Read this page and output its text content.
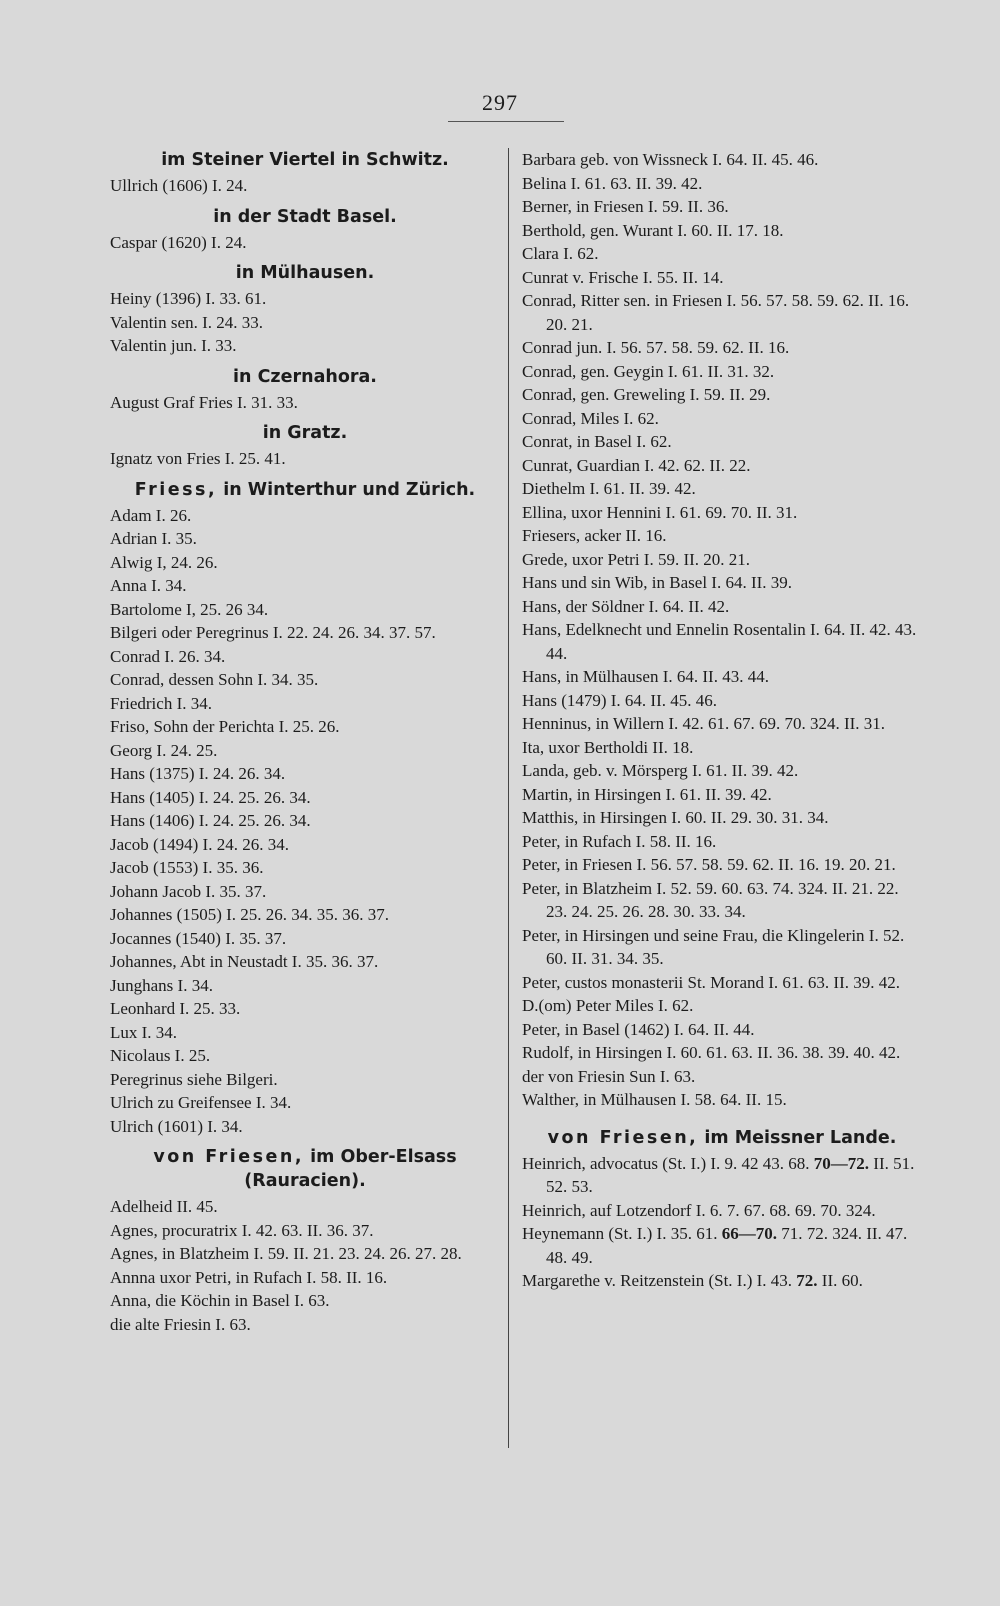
297
im Steiner Viertel in Schwitz.
Ullrich (1606) I. 24.
in der Stadt Basel.
Caspar (1620) I. 24.
in Mülhausen.
Heiny (1396) I. 33. 61.
Valentin sen. I. 24. 33.
Valentin jun. I. 33.
in Czernahora.
August Graf Fries I. 31. 33.
in Gratz.
Ignatz von Fries I. 25. 41.
Friess, in Winterthur und Zürich.
Adam I. 26.
Adrian I. 35.
Alwig I, 24. 26.
Anna I. 34.
Bartolome I, 25. 26 34.
Bilgeri oder Peregrinus I. 22. 24. 26. 34. 37. 57.
Conrad I. 26. 34.
Conrad, dessen Sohn I. 34. 35.
Friedrich I. 34.
Friso, Sohn der Perichta I. 25. 26.
Georg I. 24. 25.
Hans (1375) I. 24. 26. 34.
Hans (1405) I. 24. 25. 26. 34.
Hans (1406) I. 24. 25. 26. 34.
Jacob (1494) I. 24. 26. 34.
Jacob (1553) I. 35. 36.
Johann Jacob I. 35. 37.
Johannes (1505) I. 25. 26. 34. 35. 36. 37.
Jocannes (1540) I. 35. 37.
Johannes, Abt in Neustadt I. 35. 36. 37.
Junghans I. 34.
Leonhard I. 25. 33.
Lux I. 34.
Nicolaus I. 25.
Peregrinus siehe Bilgeri.
Ulrich zu Greifensee I. 34.
Ulrich (1601) I. 34.
von Friesen, im Ober-Elsass (Rauracien).
Adelheid II. 45.
Agnes, procuratrix I. 42. 63. II. 36. 37.
Agnes, in Blatzheim I. 59. II. 21. 23. 24. 26. 27. 28.
Annna uxor Petri, in Rufach I. 58. II. 16.
Anna, die Köchin in Basel I. 63.
die alte Friesin I. 63.
Barbara geb. von Wissneck I. 64. II. 45. 46.
Belina I. 61. 63. II. 39. 42.
Berner, in Friesen I. 59. II. 36.
Berthold, gen. Wurant I. 60. II. 17. 18.
Clara I. 62.
Cunrat v. Frische I. 55. II. 14.
Conrad, Ritter sen. in Friesen I. 56. 57. 58. 59. 62. II. 16. 20. 21.
Conrad jun. I. 56. 57. 58. 59. 62. II. 16.
Conrad, gen. Geygin I. 61. II. 31. 32.
Conrad, gen. Greweling I. 59. II. 29.
Conrad, Miles I. 62.
Conrat, in Basel I. 62.
Cunrat, Guardian I. 42. 62. II. 22.
Diethelm I. 61. II. 39. 42.
Ellina, uxor Hennini I. 61. 69. 70. II. 31.
Friesers, acker II. 16.
Grede, uxor Petri I. 59. II. 20. 21.
Hans und sin Wib, in Basel I. 64. II. 39.
Hans, der Söldner I. 64. II. 42.
Hans, Edelknecht und Ennelin Rosentalin I. 64. II. 42. 43. 44.
Hans, in Mülhausen I. 64. II. 43. 44.
Hans (1479) I. 64. II. 45. 46.
Henninus, in Willern I. 42. 61. 67. 69. 70. 324. II. 31.
Ita, uxor Bertholdi II. 18.
Landa, geb. v. Mörsperg I. 61. II. 39. 42.
Martin, in Hirsingen I. 61. II. 39. 42.
Matthis, in Hirsingen I. 60. II. 29. 30. 31. 34.
Peter, in Rufach I. 58. II. 16.
Peter, in Friesen I. 56. 57. 58. 59. 62. II. 16. 19. 20. 21.
Peter, in Blatzheim I. 52. 59. 60. 63. 74. 324. II. 21. 22. 23. 24. 25. 26. 28. 30. 33. 34.
Peter, in Hirsingen und seine Frau, die Klingelerin I. 52. 60. II. 31. 34. 35.
Peter, custos monasterii St. Morand I. 61. 63. II. 39. 42.
D.(om) Peter Miles I. 62.
Peter, in Basel (1462) I. 64. II. 44.
Rudolf, in Hirsingen I. 60. 61. 63. II. 36. 38. 39. 40. 42.
der von Friesin Sun I. 63.
Walther, in Mülhausen I. 58. 64. II. 15.
von Friesen, im Meissner Lande.
Heinrich, advocatus (St. I.) I. 9. 42 43. 68. 70—72. II. 51. 52. 53.
Heinrich, auf Lotzendorf I. 6. 7. 67. 68. 69. 70. 324.
Heynemann (St. I.) I. 35. 61. 66—70. 71. 72. 324. II. 47. 48. 49.
Margarethe v. Reitzenstein (St. I.) I. 43. 72. II. 60.
